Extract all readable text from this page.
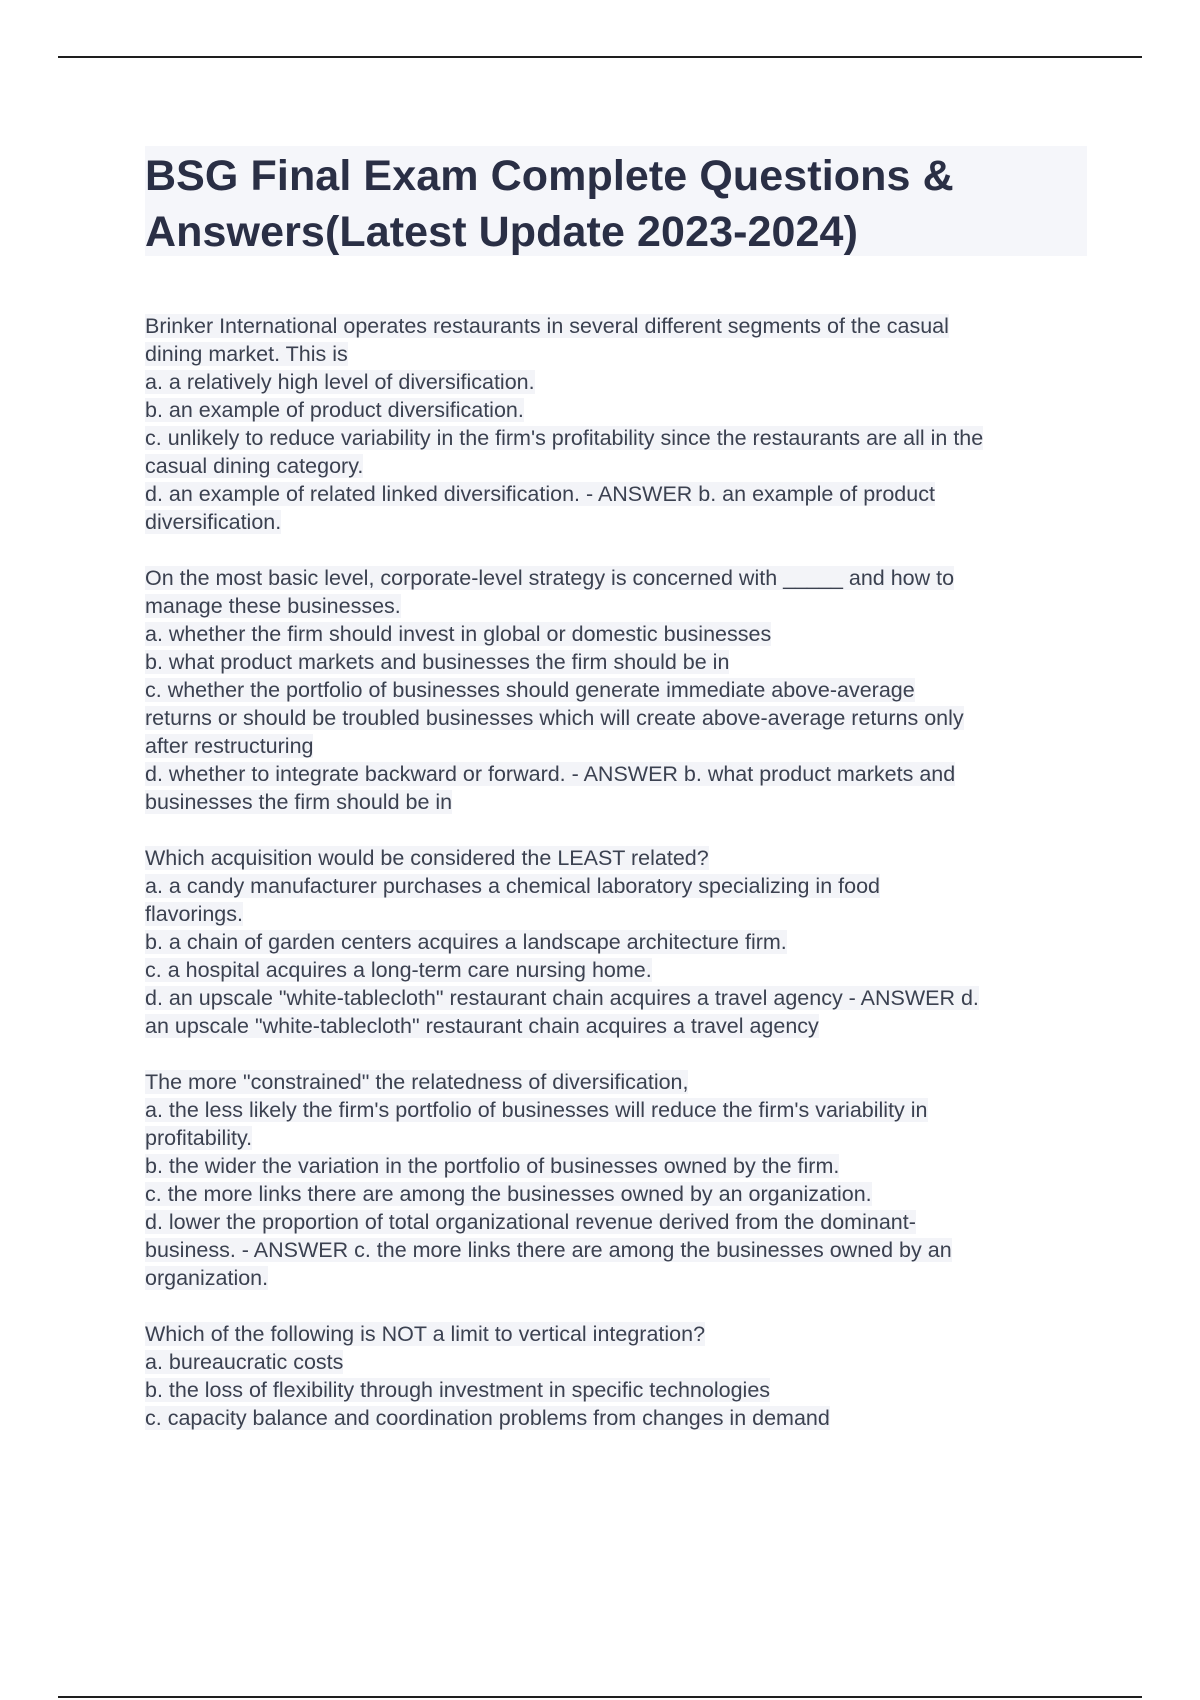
BSG Final Exam Complete Questions & Answers(Latest Update 2023-2024)
Brinker International operates restaurants in several different segments of the casual
dining market. This is
a. a relatively high level of diversification.
b. an example of product diversification.
c. unlikely to reduce variability in the firm's profitability since the restaurants are all in the
casual dining category.
d. an example of related linked diversification. - ANSWER b. an example of product
diversification.
On the most basic level, corporate-level strategy is concerned with _____ and how to
manage these businesses.
a. whether the firm should invest in global or domestic businesses
b. what product markets and businesses the firm should be in
c. whether the portfolio of businesses should generate immediate above-average
returns or should be troubled businesses which will create above-average returns only
after restructuring
d. whether to integrate backward or forward. - ANSWER b. what product markets and
businesses the firm should be in
Which acquisition would be considered the LEAST related?
a. a candy manufacturer purchases a chemical laboratory specializing in food
flavorings.
b. a chain of garden centers acquires a landscape architecture firm.
c. a hospital acquires a long-term care nursing home.
d. an upscale "white-tablecloth" restaurant chain acquires a travel agency - ANSWER d.
an upscale "white-tablecloth" restaurant chain acquires a travel agency
The more "constrained" the relatedness of diversification,
a. the less likely the firm's portfolio of businesses will reduce the firm's variability in
profitability.
b. the wider the variation in the portfolio of businesses owned by the firm.
c. the more links there are among the businesses owned by an organization.
d. lower the proportion of total organizational revenue derived from the dominant-
business. - ANSWER c. the more links there are among the businesses owned by an
organization.
Which of the following is NOT a limit to vertical integration?
a. bureaucratic costs
b. the loss of flexibility through investment in specific technologies
c. capacity balance and coordination problems from changes in demand
